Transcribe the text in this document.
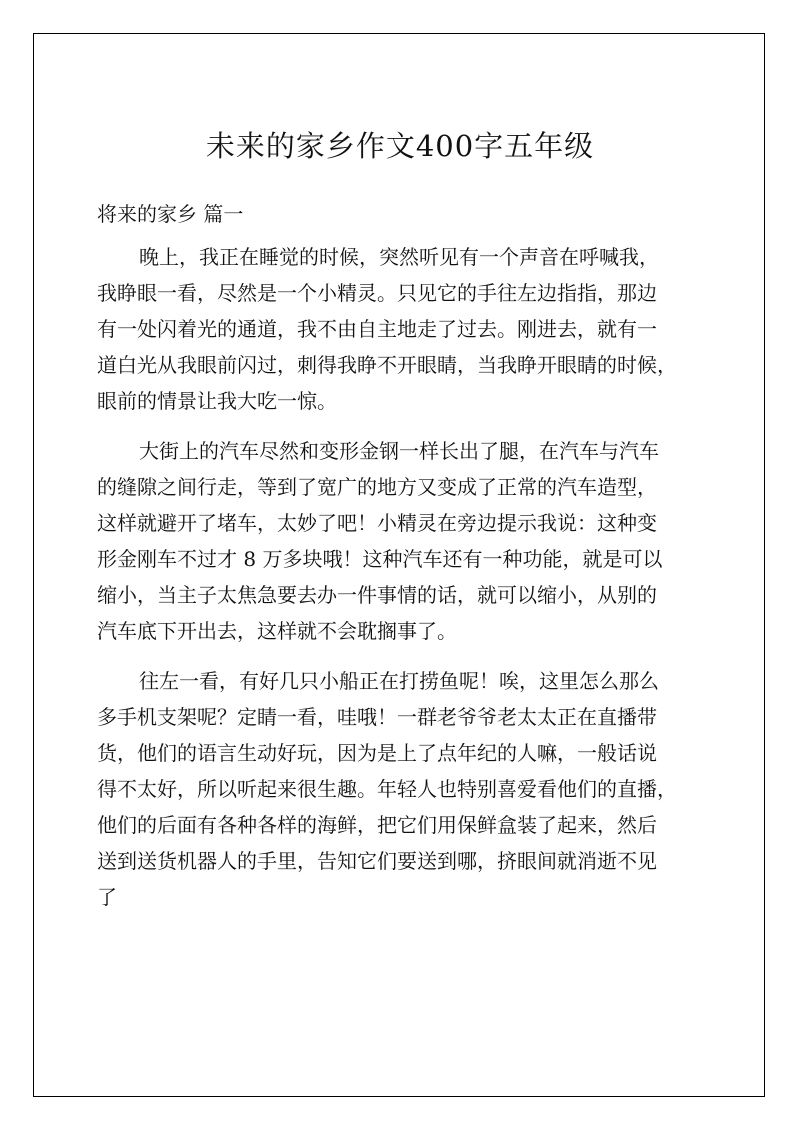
未来的家乡作文400字五年级

将来的家乡 篇一

晚上，我正在睡觉的时候，突然听见有一个声音在呼喊我，
我睁眼一看，尽然是一个小精灵。只见它的手往左边指指，那边
有一处闪着光的通道，我不由自主地走了过去。刚进去，就有一
道白光从我眼前闪过，刺得我睁不开眼睛，当我睁开眼睛的时候，
眼前的情景让我大吃一惊。
大街上的汽车尽然和变形金钢一样长出了腿，在汽车与汽车
的缝隙之间行走，等到了宽广的地方又变成了正常的汽车造型，
这样就避开了堵车，太妙了吧！小精灵在旁边提示我说：这种变
形金刚车不过才 8 万多块哦！这种汽车还有一种功能，就是可以
缩小，当主子太焦急要去办一件事情的话，就可以缩小，从别的
汽车底下开出去，这样就不会耽搁事了。
往左一看，有好几只小船正在打捞鱼呢！唉，这里怎么那么
多手机支架呢？定睛一看，哇哦！一群老爷爷老太太正在直播带
货，他们的语言生动好玩，因为是上了点年纪的人嘛，一般话说
得不太好，所以听起来很生趣。年轻人也特别喜爱看他们的直播，
他们的后面有各种各样的海鲜，把它们用保鲜盒装了起来，然后
送到送货机器人的手里，告知它们要送到哪，挤眼间就消逝不见
了
